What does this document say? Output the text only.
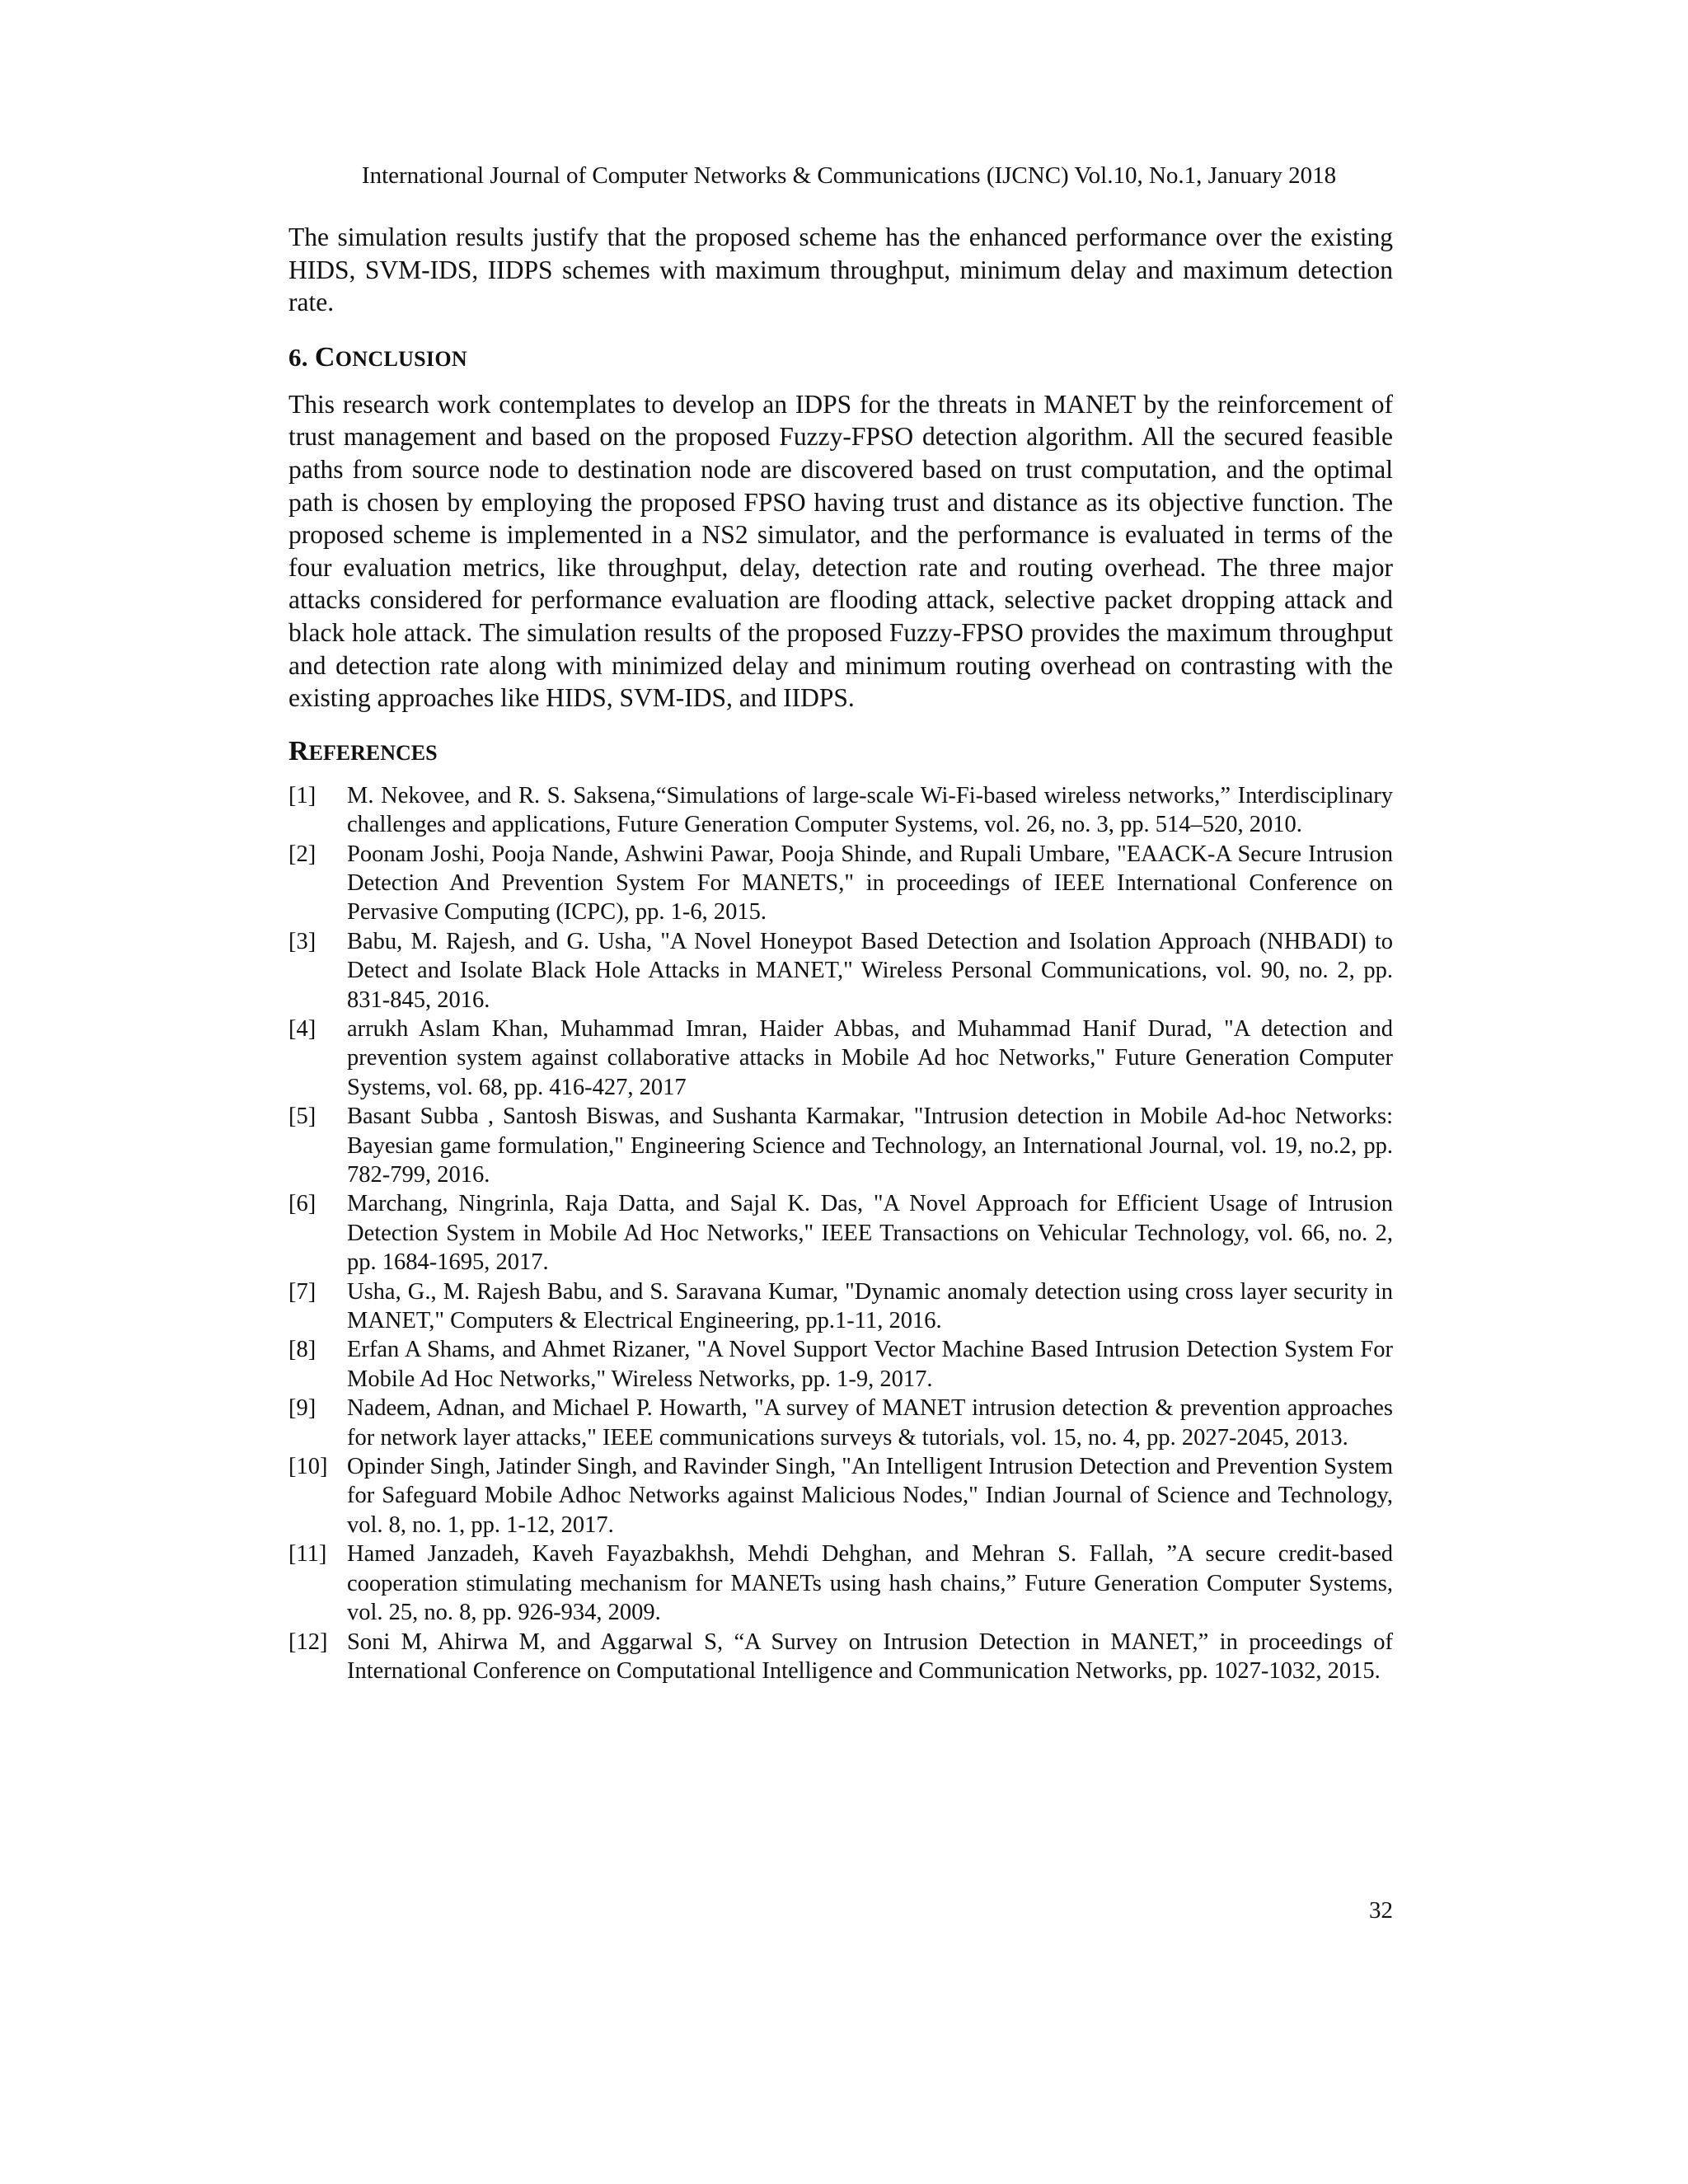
International Journal of Computer Networks & Communications (IJCNC) Vol.10, No.1, January 2018

The simulation results justify that the proposed scheme has the enhanced performance over the existing HIDS, SVM-IDS, IIDPS schemes with maximum throughput, minimum delay and maximum detection rate.

6. CONCLUSION

This research work contemplates to develop an IDPS for the threats in MANET by the reinforcement of trust management and based on the proposed Fuzzy-FPSO detection algorithm. All the secured feasible paths from source node to destination node are discovered based on trust computation, and the optimal path is chosen by employing the proposed FPSO having trust and distance as its objective function. The proposed scheme is implemented in a NS2 simulator, and the performance is evaluated in terms of the four evaluation metrics, like throughput, delay, detection rate and routing overhead. The three major attacks considered for performance evaluation are flooding attack, selective packet dropping attack and black hole attack. The simulation results of the proposed Fuzzy-FPSO provides the maximum throughput and detection rate along with minimized delay and minimum routing overhead on contrasting with the existing approaches like HIDS, SVM-IDS, and IIDPS.

REFERENCES
[1] M. Nekovee, and R. S. Saksena,“Simulations of large-scale Wi-Fi-based wireless networks,” Interdisciplinary challenges and applications, Future Generation Computer Systems, vol. 26, no. 3, pp. 514–520, 2010.
[2] Poonam Joshi, Pooja Nande, Ashwini Pawar, Pooja Shinde, and Rupali Umbare, "EAACK-A Secure Intrusion Detection And Prevention System For MANETS," in proceedings of IEEE International Conference on Pervasive Computing (ICPC), pp. 1-6, 2015.
[3] Babu, M. Rajesh, and G. Usha, "A Novel Honeypot Based Detection and Isolation Approach (NHBADI) to Detect and Isolate Black Hole Attacks in MANET," Wireless Personal Communications, vol. 90, no. 2, pp. 831-845, 2016.
[4] arrukh Aslam Khan, Muhammad Imran, Haider Abbas, and Muhammad Hanif Durad, "A detection and prevention system against collaborative attacks in Mobile Ad hoc Networks," Future Generation Computer Systems, vol. 68, pp. 416-427, 2017
[5] Basant Subba , Santosh Biswas, and Sushanta Karmakar, "Intrusion detection in Mobile Ad-hoc Networks: Bayesian game formulation," Engineering Science and Technology, an International Journal, vol. 19, no.2, pp. 782-799, 2016.
[6] Marchang, Ningrinla, Raja Datta, and Sajal K. Das, "A Novel Approach for Efficient Usage of Intrusion Detection System in Mobile Ad Hoc Networks," IEEE Transactions on Vehicular Technology, vol. 66, no. 2, pp. 1684-1695, 2017.
[7] Usha, G., M. Rajesh Babu, and S. Saravana Kumar, "Dynamic anomaly detection using cross layer security in MANET," Computers & Electrical Engineering, pp.1-11, 2016.
[8] Erfan A Shams, and Ahmet Rizaner, "A Novel Support Vector Machine Based Intrusion Detection System For Mobile Ad Hoc Networks," Wireless Networks, pp. 1-9, 2017.
[9] Nadeem, Adnan, and Michael P. Howarth, "A survey of MANET intrusion detection & prevention approaches for network layer attacks," IEEE communications surveys & tutorials, vol. 15, no. 4, pp. 2027-2045, 2013.
[10] Opinder Singh, Jatinder Singh, and Ravinder Singh, "An Intelligent Intrusion Detection and Prevention System for Safeguard Mobile Adhoc Networks against Malicious Nodes," Indian Journal of Science and Technology, vol. 8, no. 1, pp. 1-12, 2017.
[11] Hamed Janzadeh, Kaveh Fayazbakhsh, Mehdi Dehghan, and Mehran S. Fallah, ”A secure credit-based cooperation stimulating mechanism for MANETs using hash chains,” Future Generation Computer Systems, vol. 25, no. 8, pp. 926-934, 2009.
[12] Soni M, Ahirwa M, and Aggarwal S, “A Survey on Intrusion Detection in MANET,” in proceedings of International Conference on Computational Intelligence and Communication Networks, pp. 1027-1032, 2015.
32
